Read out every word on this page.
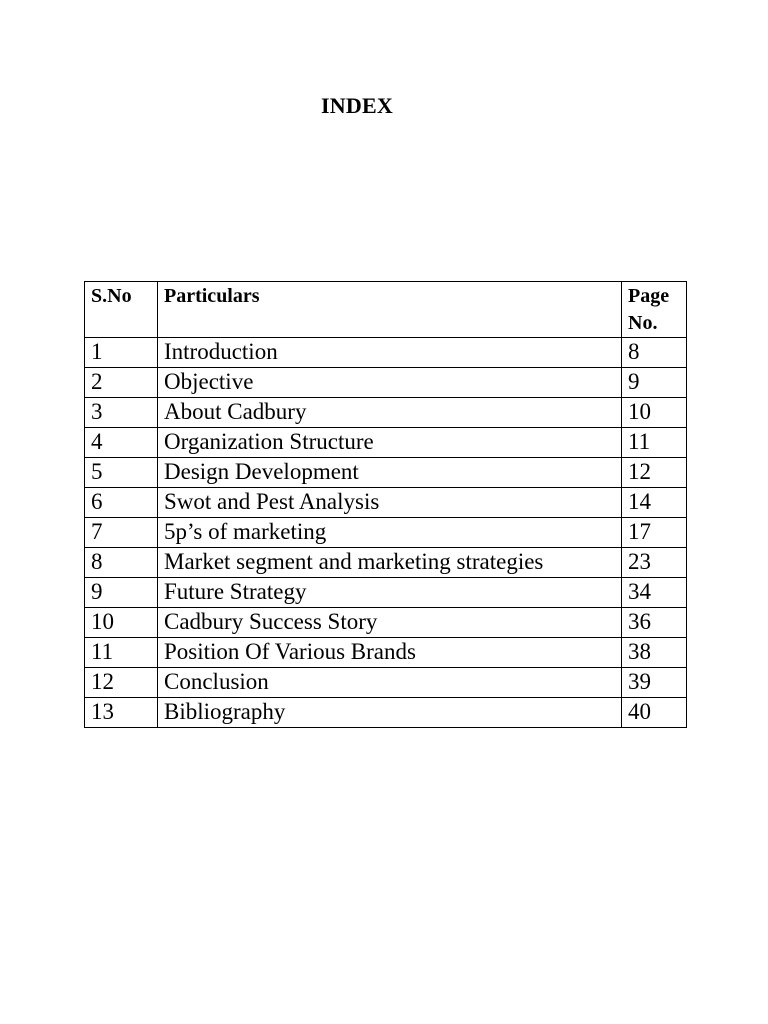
INDEX
S.No	Particulars	Page
No.
1	Introduction	8
2	Objective	9
3	About Cadbury	10
4	Organization Structure	11
5	Design Development	12
6	Swot and Pest Analysis	14
7	5p’s of marketing	17
8	Market segment and marketing strategies	23
9	Future Strategy	34
10	Cadbury Success Story	36
11	Position Of Various Brands	38
12	Conclusion	39
13	Bibliography	40
